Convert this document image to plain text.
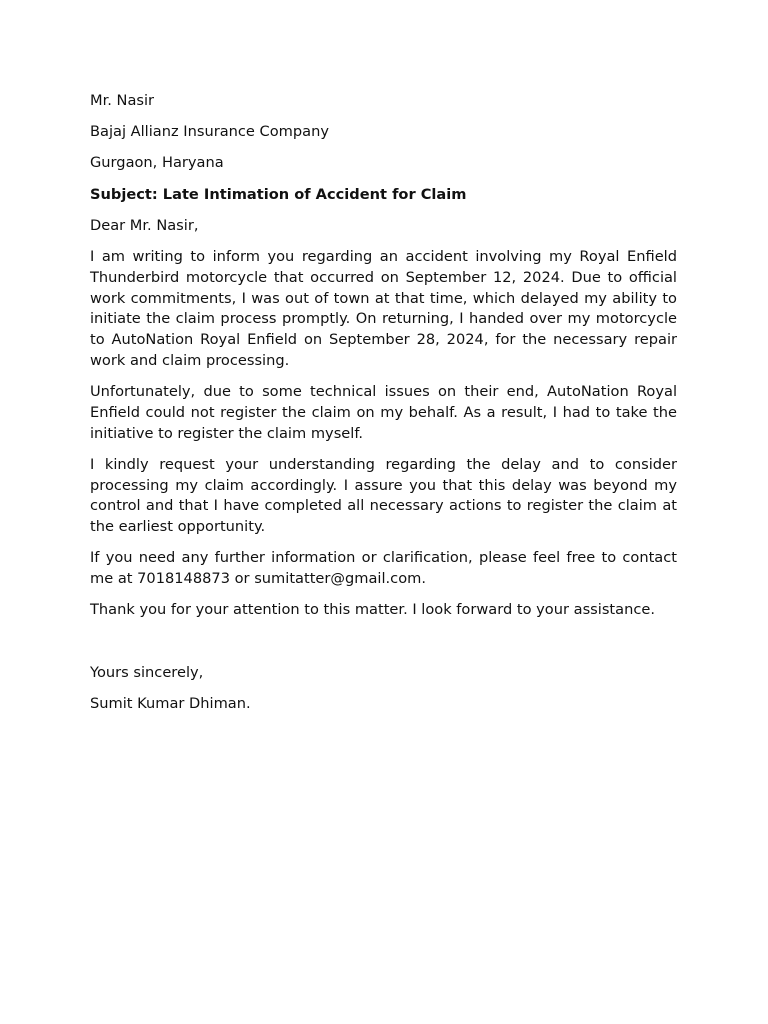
Mr. Nasir

Bajaj Allianz Insurance Company

Gurgaon, Haryana

Subject: Late Intimation of Accident for Claim

Dear Mr. Nasir,

I am writing to inform you regarding an accident involving my Royal Enfield Thunderbird motorcycle that occurred on September 12, 2024. Due to official work commitments, I was out of town at that time, which delayed my ability to initiate the claim process promptly. On returning, I handed over my motorcycle to AutoNation Royal Enfield on September 28, 2024, for the necessary repair work and claim processing.

Unfortunately, due to some technical issues on their end, AutoNation Royal Enfield could not register the claim on my behalf. As a result, I had to take the initiative to register the claim myself.

I kindly request your understanding regarding the delay and to consider processing my claim accordingly. I assure you that this delay was beyond my control and that I have completed all necessary actions to register the claim at the earliest opportunity.

If you need any further information or clarification, please feel free to contact me at 7018148873 or sumitatter@gmail.com.

Thank you for your attention to this matter. I look forward to your assistance.

Yours sincerely,

Sumit Kumar Dhiman.
